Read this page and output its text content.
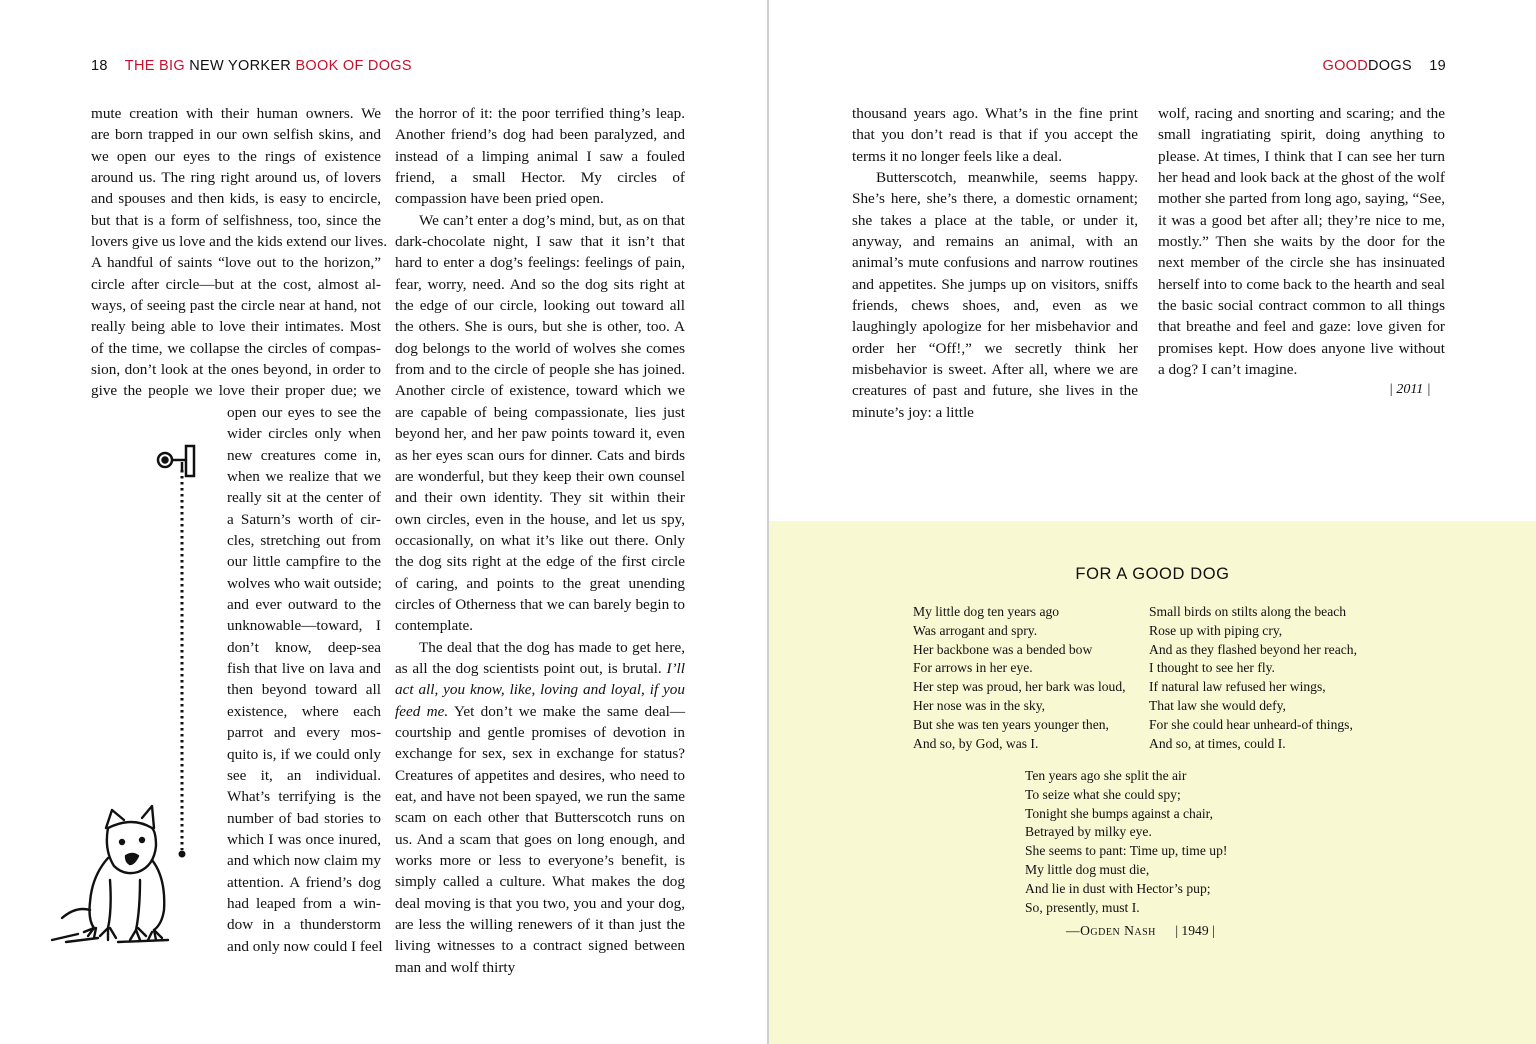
18 THE BIG NEW YORKER BOOK OF DOGS
mute creation with their human owners. We
are born trapped in our own selfish skins, and
we open our eyes to the rings of existence
around us. The ring right around us, of lovers
and spouses and then kids, is easy to encircle,
but that is a form of selfishness, too, since the
lovers give us love and the kids extend our lives.
A handful of saints “love out to the horizon,”
circle after circle—but at the cost, almost al-
ways, of seeing past the circle near at hand, not
really being able to love their intimates. Most
of the time, we collapse the circles of compas-
sion, don’t look at the ones beyond, in order to
give the people we love their proper due; we
open our eyes to see the
wider circles only when
new creatures come in,
when we realize that we
really sit at the center of
a Saturn’s worth of cir-
cles, stretching out from
our little campfire to the
wolves who wait outside;
and ever outward to the
unknowable—toward, I
don’t know, deep-sea
fish that live on lava and
then beyond toward all
existence, where each
parrot and every mos-
quito is, if we could only
see it, an individual.
What’s terrifying is the
number of bad stories to
which I was once inured,
and which now claim my
attention. A friend’s dog
had leaped from a win-
dow in a thunderstorm
and only now could I feel

the horror of it: the poor terrified thing’s leap. Another friend’s dog had been paralyzed, and instead of a limping animal I saw a fouled friend, a small Hector. My circles of compassion have been pried open.

We can’t enter a dog’s mind, but, as on that dark-chocolate night, I saw that it isn’t that hard to enter a dog’s feelings: feelings of pain, fear, worry, need. And so the dog sits right at the edge of our circle, looking out toward all the others. She is ours, but she is other, too. A dog belongs to the world of wolves she comes from and to the circle of people she has joined. Another circle of existence, toward which we are capable of being compassionate, lies just beyond her, and her paw points toward it, even as her eyes scan ours for dinner. Cats and birds are wonderful, but they keep their own counsel and their own identity. They sit within their own circles, even in the house, and let us spy, occasionally, on what it’s like out there. Only the dog sits right at the edge of the first circle of caring, and points to the great unending circles of Otherness that we can barely begin to contemplate.

The deal that the dog has made to get here, as all the dog scientists point out, is brutal. I’ll act all, you know, like, loving and loyal, if you feed me. Yet don’t we make the same deal—courtship and gentle promises of devotion in exchange for sex, sex in exchange for status? Creatures of appetites and desires, who need to eat, and have not been spayed, we run the same scam on each other that Butterscotch runs on us. And a scam that goes on long enough, and works more or less to everyone’s benefit, is simply called a culture. What makes the dog deal moving is that you two, you and your dog, are less the willing renewers of it than just the living witnesses to a contract signed between man and wolf thirty

GOODDOGS 19

thousand years ago. What’s in the fine print that you don’t read is that if you accept the terms it no longer feels like a deal.

Butterscotch, meanwhile, seems happy. She’s here, she’s there, a domestic ornament; she takes a place at the table, or under it, anyway, and remains an animal, with an animal’s mute confusions and narrow routines and appetites. She jumps up on visitors, sniffs friends, chews shoes, and, even as we laughingly apologize for her misbehavior and order her “Off!,” we secretly think her misbehavior is sweet. After all, where we are creatures of past and future, she lives in the minute’s joy: a little

wolf, racing and snorting and scaring; and the small ingratiating spirit, doing anything to please. At times, I think that I can see her turn her head and look back at the ghost of the wolf mother she parted from long ago, saying, “See, it was a good bet after all; they’re nice to me, mostly.” Then she waits by the door for the next member of the circle she has insinuated herself into to come back to the hearth and seal the basic social contract common to all things that breathe and feel and gaze: love given for promises kept. How does anyone live without a dog? I can’t imagine.

| 2011 |
FOR A GOOD DOG
My little dog ten years ago
Was arrogant and spry.
Her backbone was a bended bow
For arrows in her eye.
Her step was proud, her bark was loud,
Her nose was in the sky,
But she was ten years younger then,
And so, by God, was I.
Small birds on stilts along the beach
Rose up with piping cry,
And as they flashed beyond her reach,
I thought to see her fly.
If natural law refused her wings,
That law she would defy,
For she could hear unheard-of things,
And so, at times, could I.
Ten years ago she split the air
To seize what she could spy;
Tonight she bumps against a chair,
Betrayed by milky eye.
She seems to pant: Time up, time up!
My little dog must die,
And lie in dust with Hector’s pup;
So, presently, must I.
—Ogden Nash | 1949 |
